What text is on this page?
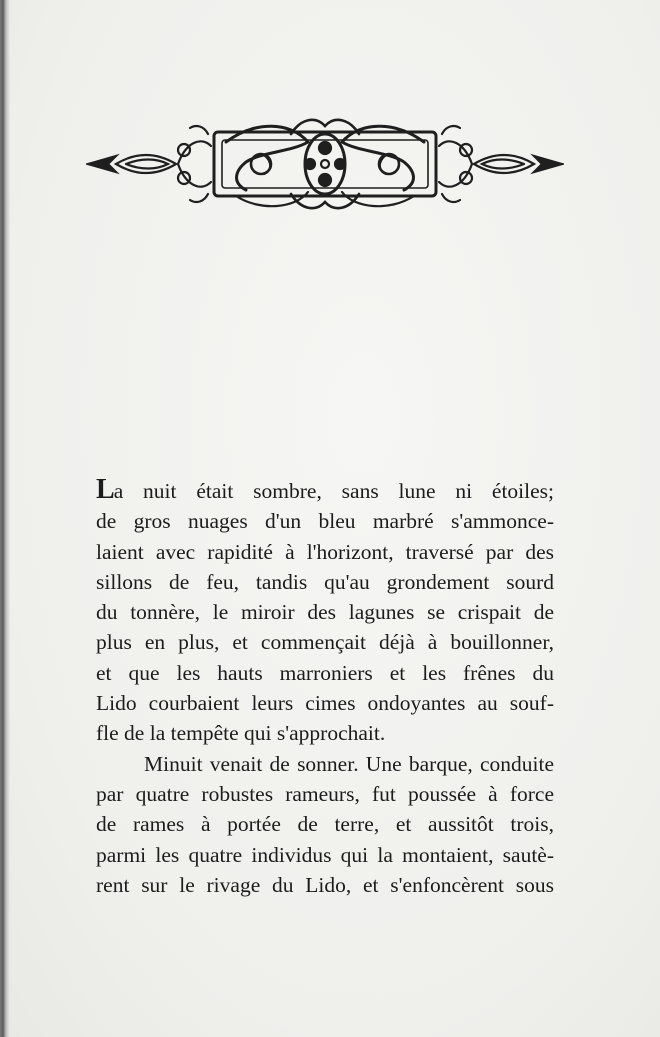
La nuit était sombre, sans lune ni étoiles;
de gros nuages d'un bleu marbré s'ammonce-
laient avec rapidité à l'horizont, traversé par des
sillons de feu, tandis qu'au grondement sourd
du tonnère, le miroir des lagunes se crispait de
plus en plus, et commençait déjà à bouillonner,
et que les hauts marroniers et les frênes du
Lido courbaient leurs cimes ondoyantes au souf-
fle de la tempête qui s'approchait.

Minuit venait de sonner. Une barque, conduite

par quatre robustes rameurs, fut poussée à force
de rames à portée de terre, et aussitôt trois,
parmi les quatre individus qui la montaient, sautè-
rent sur le rivage du Lido, et s'enfoncèrent sous
